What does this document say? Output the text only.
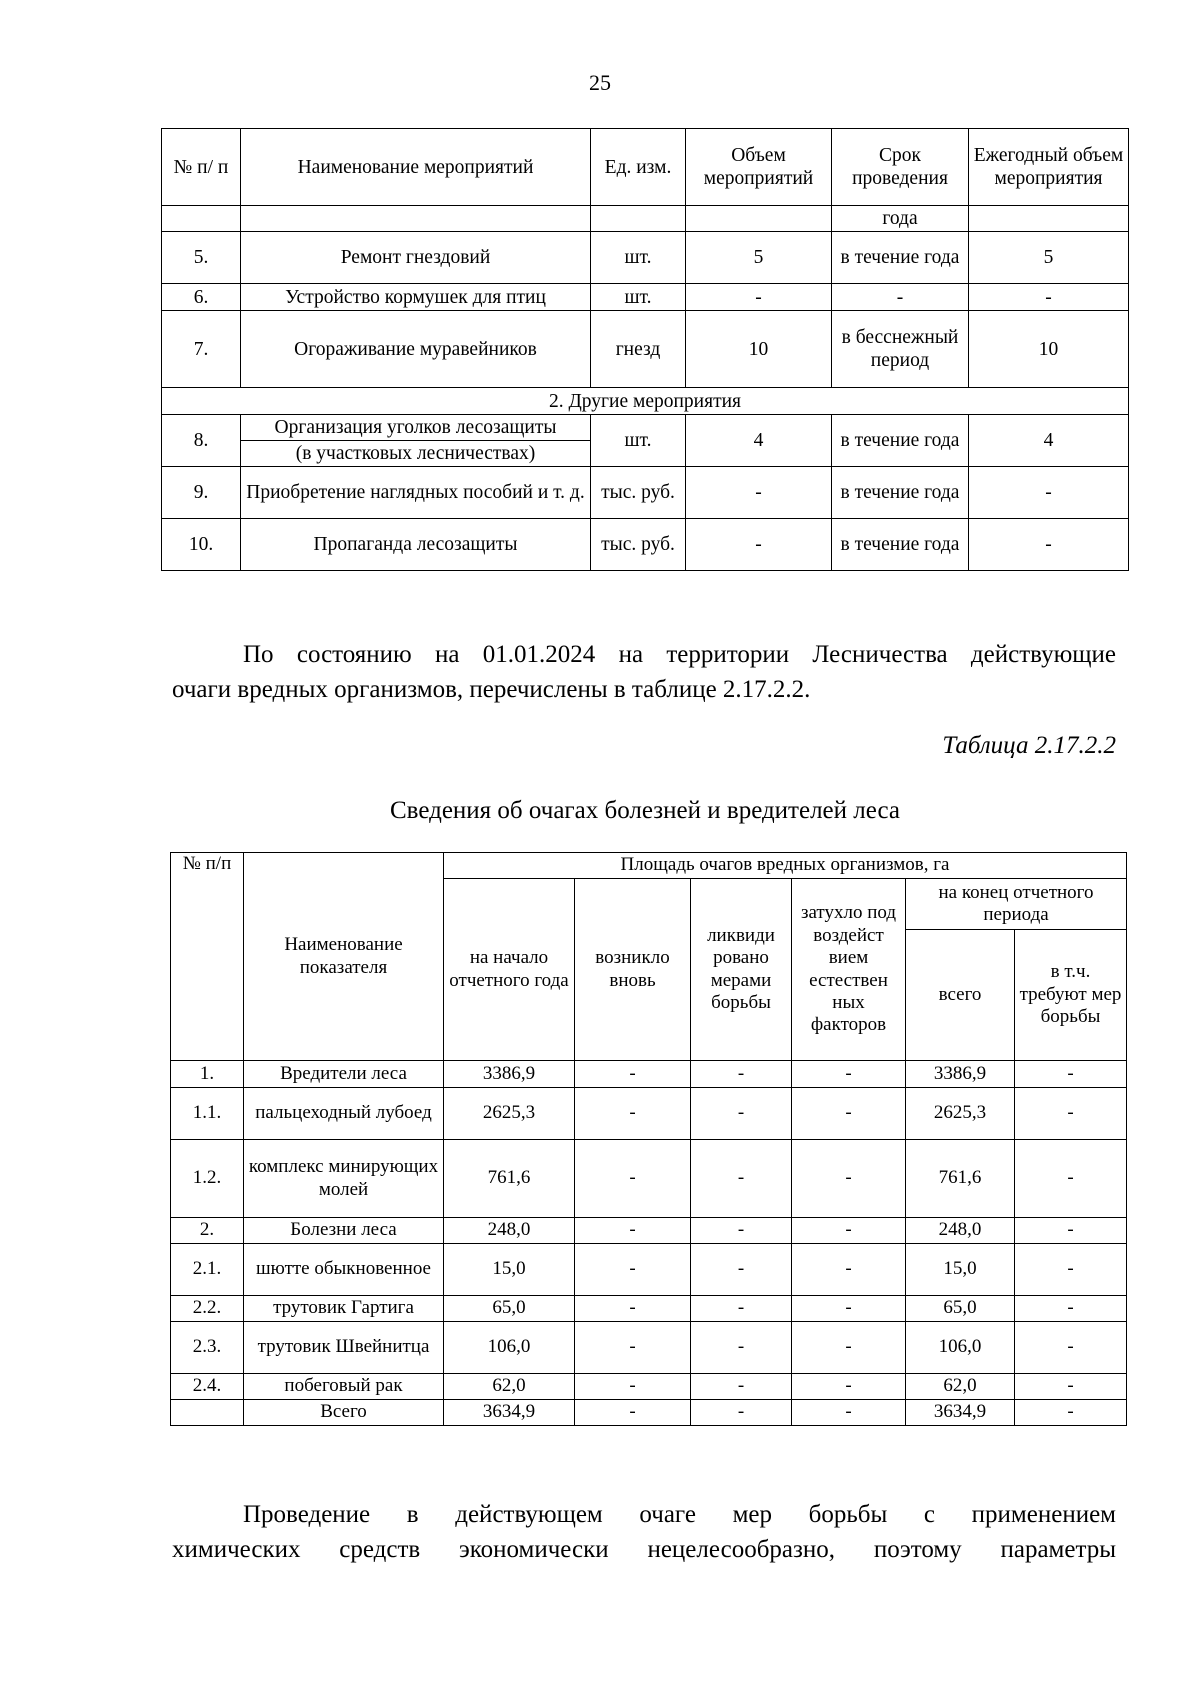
25
№ п/ п	Наименование мероприятий	Ед. изм.	Объем мероприятий	Срок проведения	Ежегодный объем мероприятия
				года	
5.	Ремонт гнездовий	шт.	5	в течение года	5
6.	Устройство кормушек для птиц	шт.	-	-	-
7.	Огораживание муравейников	гнезд	10	в бесснежный период	10
2. Другие мероприятия					
8.	Организация уголков лесозащиты	шт.	4	в течение года	4
	(в участковых лесничествах)				
9.	Приобретение наглядных пособий и т. д.	тыс. руб.	-	в течение года	-
10.	Пропаганда лесозащиты	тыс. руб.	-	в течение года	-
По состоянию на 01.01.2024 на территории Лесничества действующие
очаги вредных организмов, перечислены в таблице 2.17.2.2.
Таблица 2.17.2.2
Сведения об очагах болезней и вредителей леса
№ п/п	Наименование показателя	Площадь очагов вредных организмов, га					
		на начало отчетного года	возникло вновь	ликвиди ровано мерами борьбы	затухло под воздейст вием естествен ных факторов	на конец отчетного периода	
						всего	в т.ч. требуют мер борьбы
1.	Вредители леса	3386,9	-	-	-	3386,9	-
1.1.	пальцеходный лубоед	2625,3	-	-	-	2625,3	-
1.2.	комплекс минирующих молей	761,6	-	-	-	761,6	-
2.	Болезни леса	248,0	-	-	-	248,0	-
2.1.	шютте обыкновенное	15,0	-	-	-	15,0	-
2.2.	трутовик Гартига	65,0	-	-	-	65,0	-
2.3.	трутовик Швейнитца	106,0	-	-	-	106,0	-
2.4.	побеговый рак	62,0	-	-	-	62,0	-
	Всего	3634,9	-	-	-	3634,9	-
Проведение в действующем очаге мер борьбы с применением
химических средств экономически нецелесообразно, поэтому параметры
